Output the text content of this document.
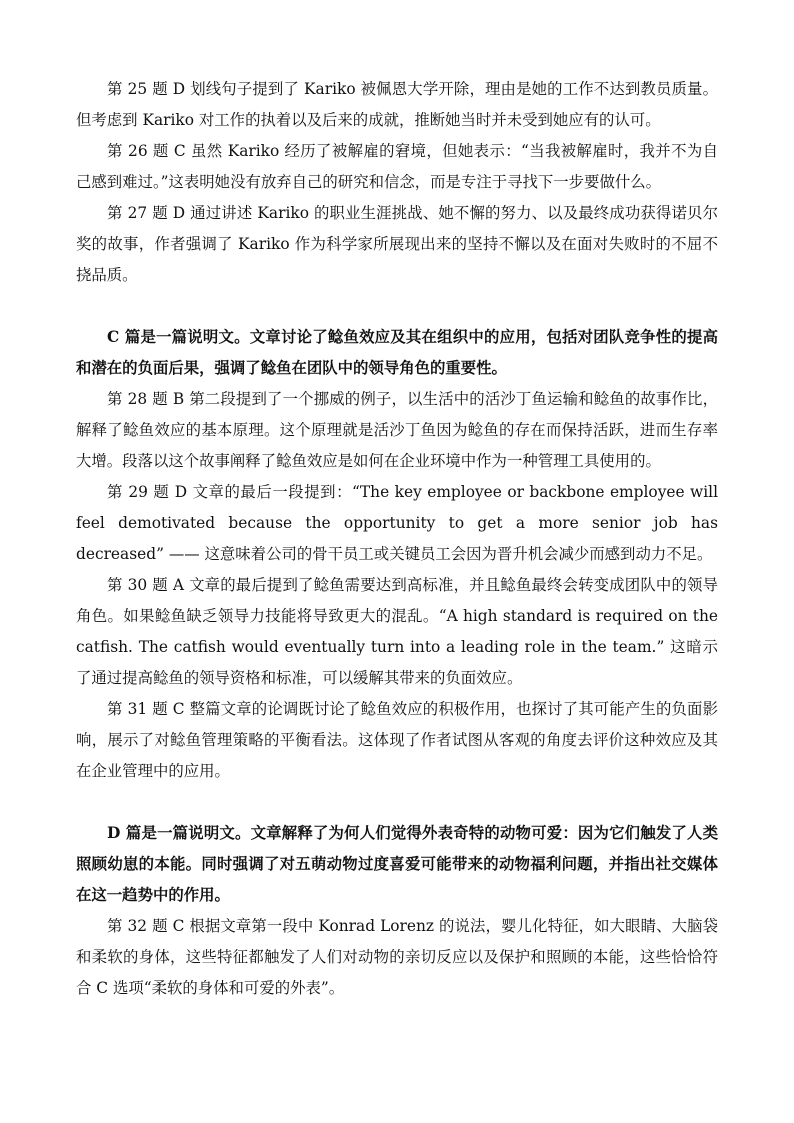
第 25 题 D 划线句子提到了 Kariko 被佩恩大学开除，理由是她的工作不达到教员质量。但考虑到 Kariko 对工作的执着以及后来的成就，推断她当时并未受到她应有的认可。

第 26 题 C 虽然 Kariko 经历了被解雇的窘境，但她表示：“当我被解雇时，我并不为自己感到难过。”这表明她没有放弃自己的研究和信念，而是专注于寻找下一步要做什么。

第 27 题 D 通过讲述 Kariko 的职业生涯挑战、她不懈的努力、以及最终成功获得诺贝尔奖的故事，作者强调了 Kariko 作为科学家所展现出来的坚持不懈以及在面对失败时的不屈不挠品质。

C 篇是一篇说明文。文章讨论了鲶鱼效应及其在组织中的应用，包括对团队竞争性的提高和潜在的负面后果，强调了鲶鱼在团队中的领导角色的重要性。

第 28 题 B 第二段提到了一个挪威的例子，以生活中的活沙丁鱼运输和鲶鱼的故事作比，解释了鲶鱼效应的基本原理。这个原理就是活沙丁鱼因为鲶鱼的存在而保持活跃，进而生存率大增。段落以这个故事阐释了鲶鱼效应是如何在企业环境中作为一种管理工具使用的。

第 29 题 D 文章的最后一段提到：“The key employee or backbone employee will feel demotivated because the opportunity to get a more senior job has decreased” —— 这意味着公司的骨干员工或关键员工会因为晋升机会减少而感到动力不足。

第 30 题 A 文章的最后提到了鲶鱼需要达到高标准，并且鲶鱼最终会转变成团队中的领导角色。如果鲶鱼缺乏领导力技能将导致更大的混乱。“A high standard is required on the catfish. The catfish would eventually turn into a leading role in the team.” 这暗示了通过提高鲶鱼的领导资格和标准，可以缓解其带来的负面效应。

第 31 题 C 整篇文章的论调既讨论了鲶鱼效应的积极作用，也探讨了其可能产生的负面影响，展示了对鲶鱼管理策略的平衡看法。这体现了作者试图从客观的角度去评价这种效应及其在企业管理中的应用。

D 篇是一篇说明文。文章解释了为何人们觉得外表奇特的动物可爱：因为它们触发了人类照顾幼崽的本能。同时强调了对五萌动物过度喜爱可能带来的动物福利问题，并指出社交媒体在这一趋势中的作用。

第 32 题 C 根据文章第一段中 Konrad Lorenz 的说法，婴儿化特征，如大眼睛、大脑袋和柔软的身体，这些特征都触发了人们对动物的亲切反应以及保护和照顾的本能，这些恰恰符合 C 选项“柔软的身体和可爱的外表”。
